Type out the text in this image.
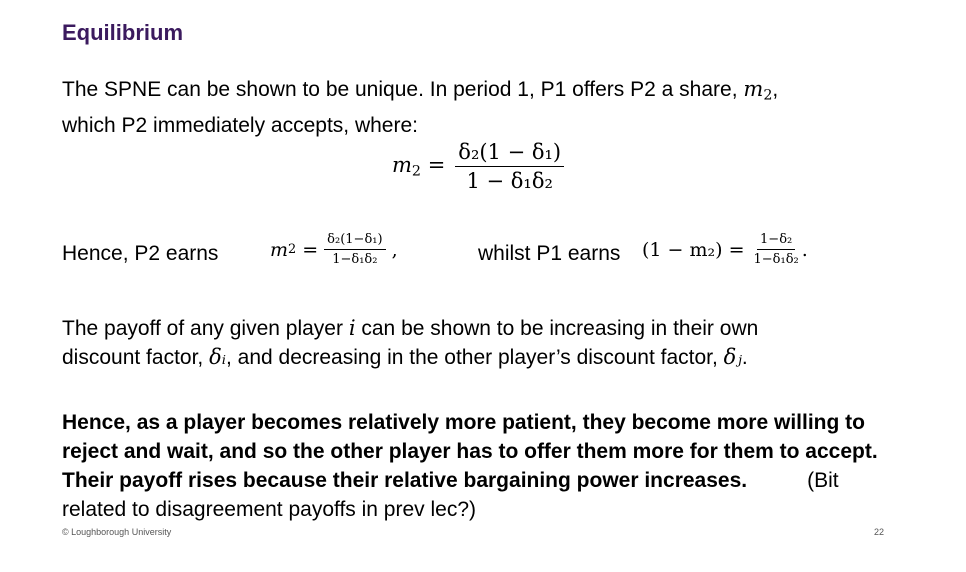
Equilibrium
The SPNE can be shown to be unique. In period 1, P1 offers P2 a share, $m_2$,
which P2 immediately accepts, where:
$m_2 = \frac{\text{δ₂(1 − δ₁)}}{\text{1 − δ₁δ₂}}$
Hence, P2 earns	m $2 = \frac{\text{δ₂(1−δ₁)}}{\text{1−δ₁δ₂}}$ ,	whilst P1 earns $(1 - m_2) = \frac{\text{1−δ₂}}{\text{1−δ₁δ₂}}$ .
The payoff of any given player i can be shown to be increasing in their own
discount factor, δᵢ, and decreasing in the other player’s discount factor, δⱼ.
Hence, as a player becomes relatively more patient, they become more willing to reject and wait, and so the other player has to offer them more for them to accept. Their payoff rises because their relative bargaining power increases.	(Bit related to disagreement payoffs in prev lec?)
© Loughborough University	22
